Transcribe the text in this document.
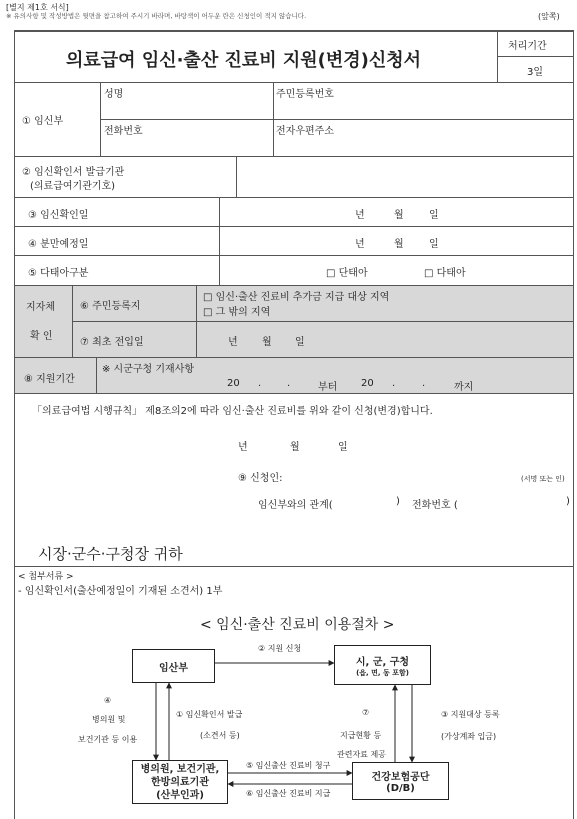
[별지 제1호 서식]
※ 유의사항 및 작성방법은 뒷면을 참고하여 주시기 바라며, 바탕색이 어두운 란은 신청인이 적지 않습니다.	(앞쪽)
의료급여 임신·출산 진료비 지원(변경)신청서
처리기간
3일
① 임신부
성명	주민등록번호
전화번호	전자우편주소
② 임신확인서 발급기관
(의료급여기관기호)
③ 임신확인일	년	월	일
④ 분만예정일	년	월	일
⑤ 다태아구분	□ 단태아	□ 다태아
지자체
확 인
⑥ 주민등록지
□ 임신·출산 진료비 추가금 지급 대상 지역
□ 그 밖의 지역
⑦ 최초 전입일	년 월 일
⑧ 지원기간
※ 시군구청 기재사항
20 .	.	부터 20 .	.	까지
「의료급여법 시행규칙」 제8조의2에 따라 임신·출산 진료비를 위와 같이 신청(변경)합니다.
년	월	일
⑨ 신청인:	(서명 또는 인)
임신부와의 관계(	) 전화번호 (	)
시장·군수·구청장 귀하
< 첨부서류 >
- 임신확인서(출산예정일이 기재된 소견서) 1부
< 임신·출산 진료비 이용절차 >
임산부
시, 군, 구청
(읍, 면, 동 포함)
병의원, 보건기관,
한방의료기관
(산부인과)
건강보험공단
(D/B)
② 지원 신청
④
병의원 및
보건기관 등 이용
① 임신확인서 발급
(소견서 등)
⑦
지급현황 등
관련자료 제공
③ 지원대상 등록
(가상계좌 입금)
⑤ 임신출산 진료비 청구
⑥ 임신출산 진료비 지급
